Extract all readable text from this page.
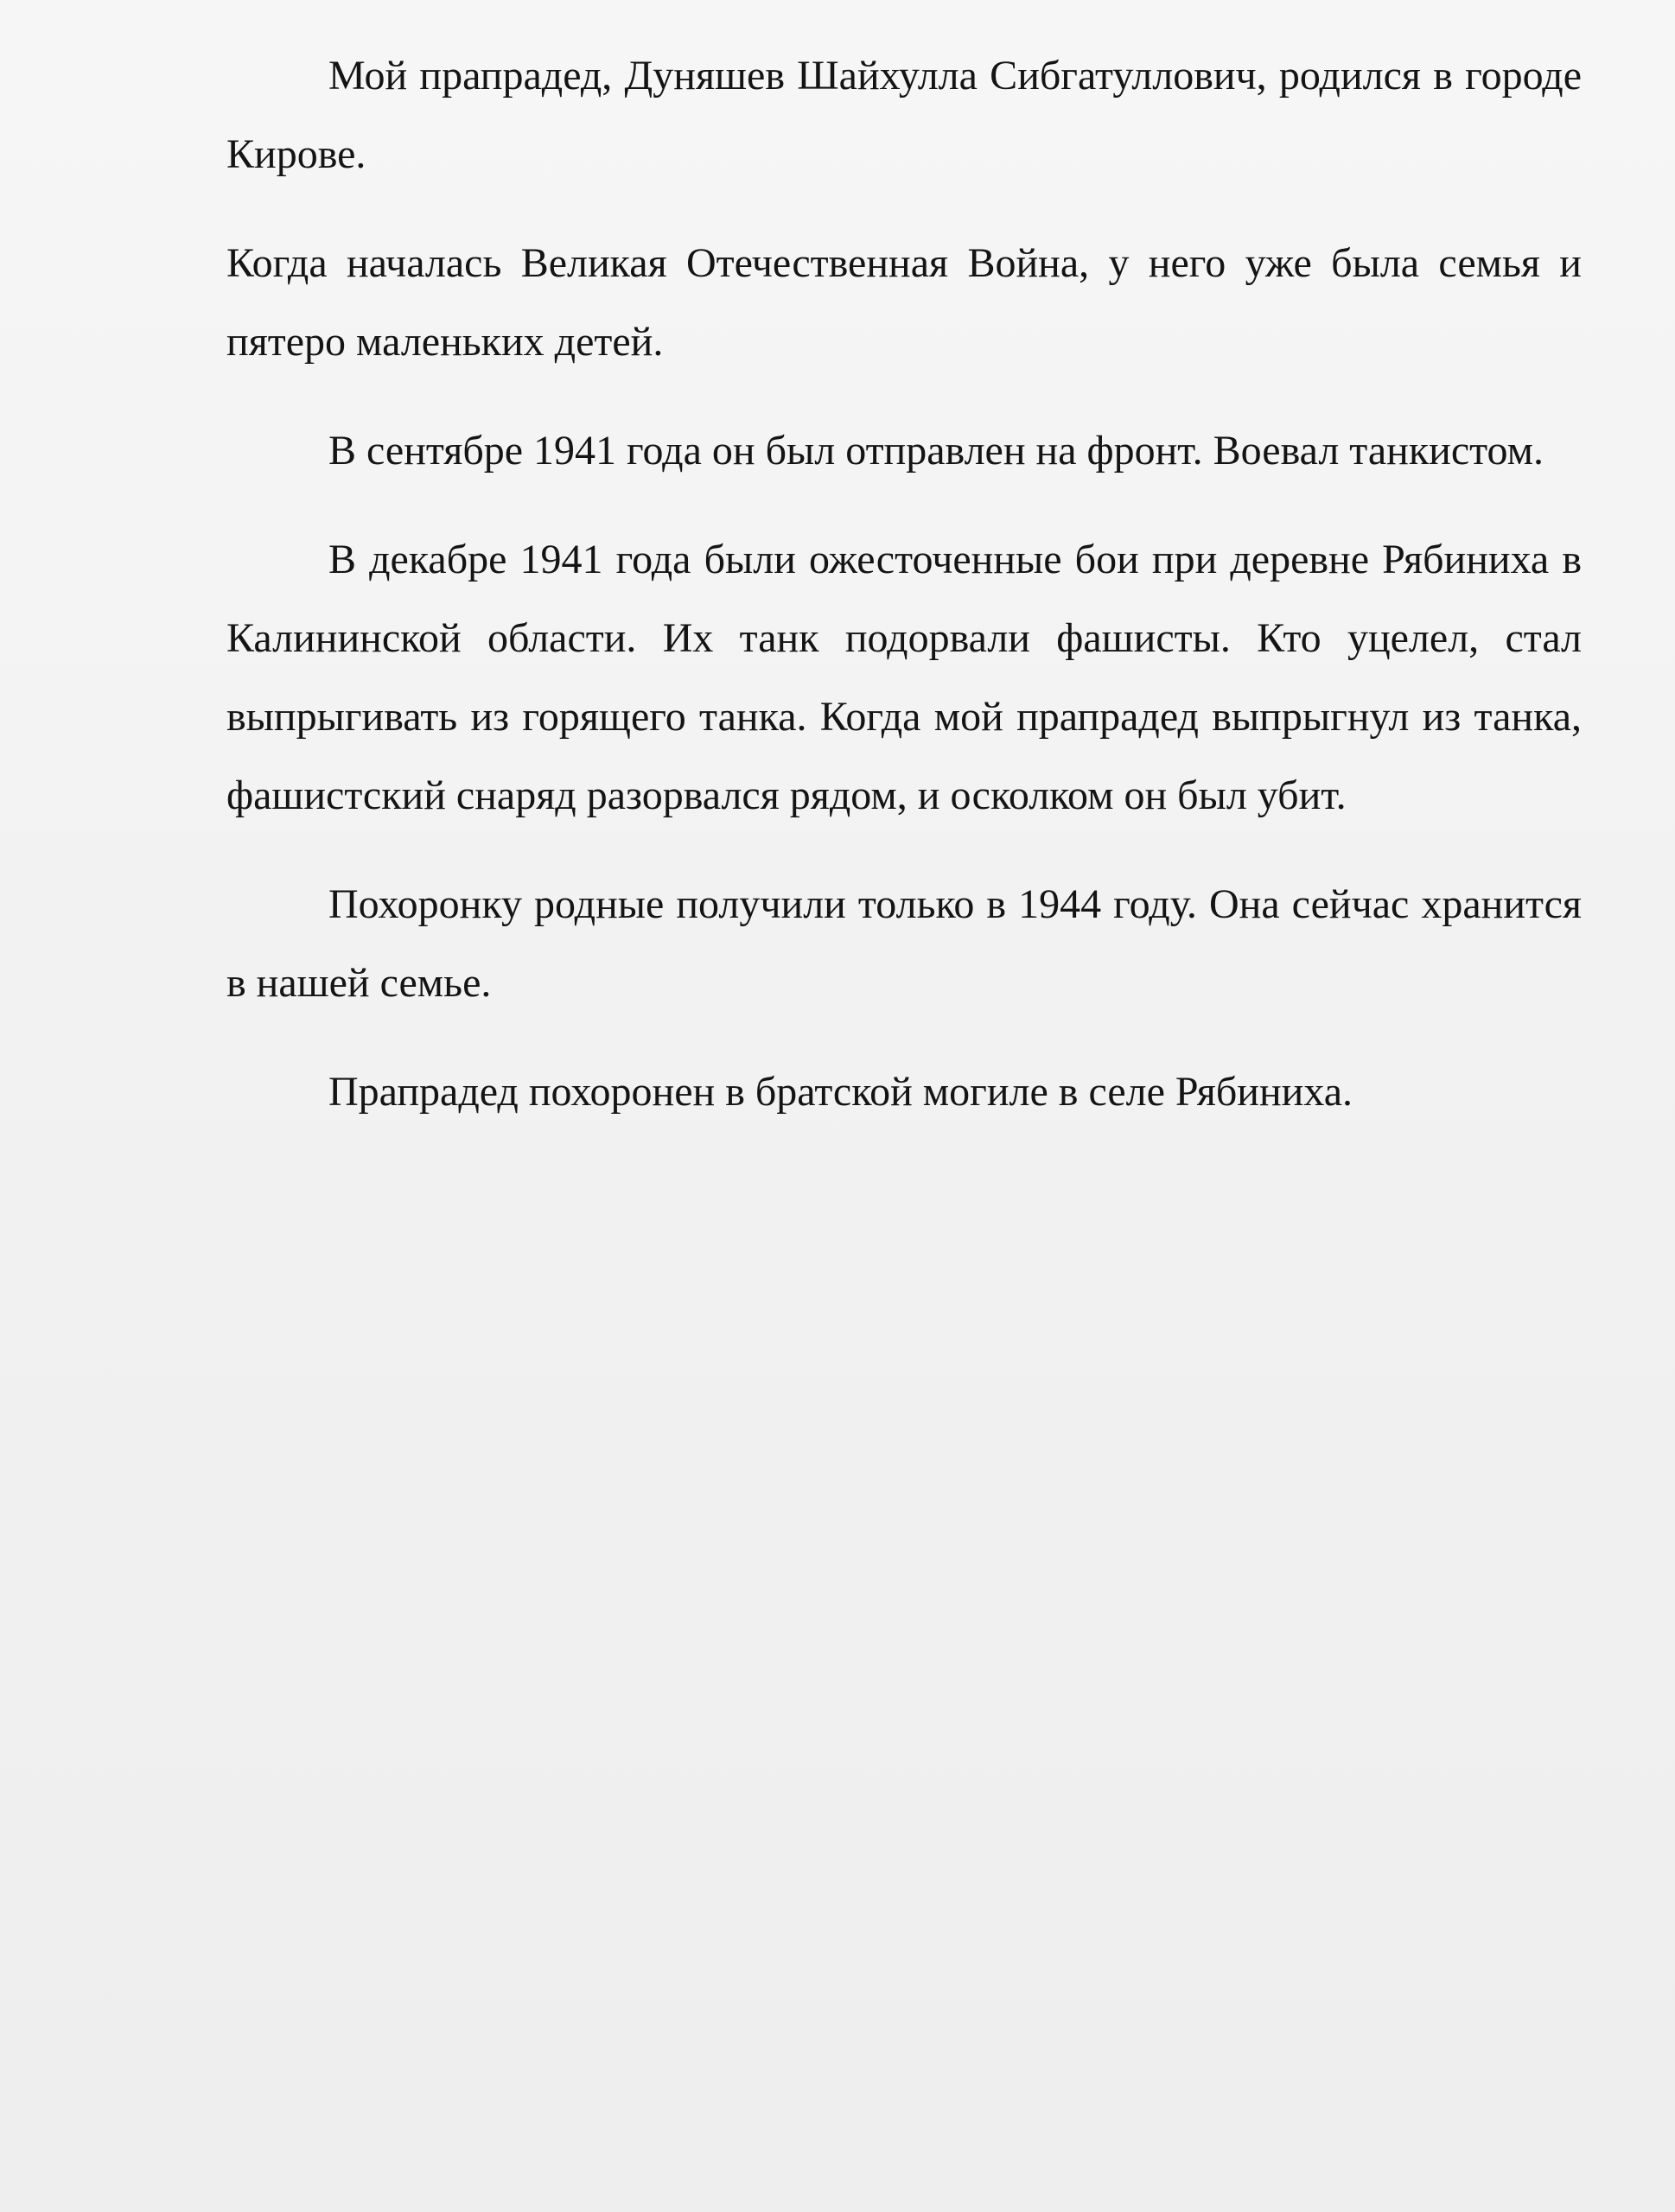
Мой прапрадед, Дуняшев Шайхулла Сибгатуллович, родился в городе Кирове.

Когда началась Великая Отечественная Война, у него уже была семья и пятеро маленьких детей.

В сентябре 1941 года он был отправлен на фронт. Воевал танкистом.

В декабре 1941 года были ожесточенные бои при деревне Рябиниха в Калининской области. Их танк подорвали фашисты. Кто уцелел, стал выпрыгивать из горящего танка. Когда мой прапрадед выпрыгнул из танка, фашистский снаряд разорвался рядом, и осколком он был убит.

Похоронку родные получили только в 1944 году. Она сейчас хранится в нашей семье.

Прапрадед похоронен в братской могиле в селе Рябиниха.
